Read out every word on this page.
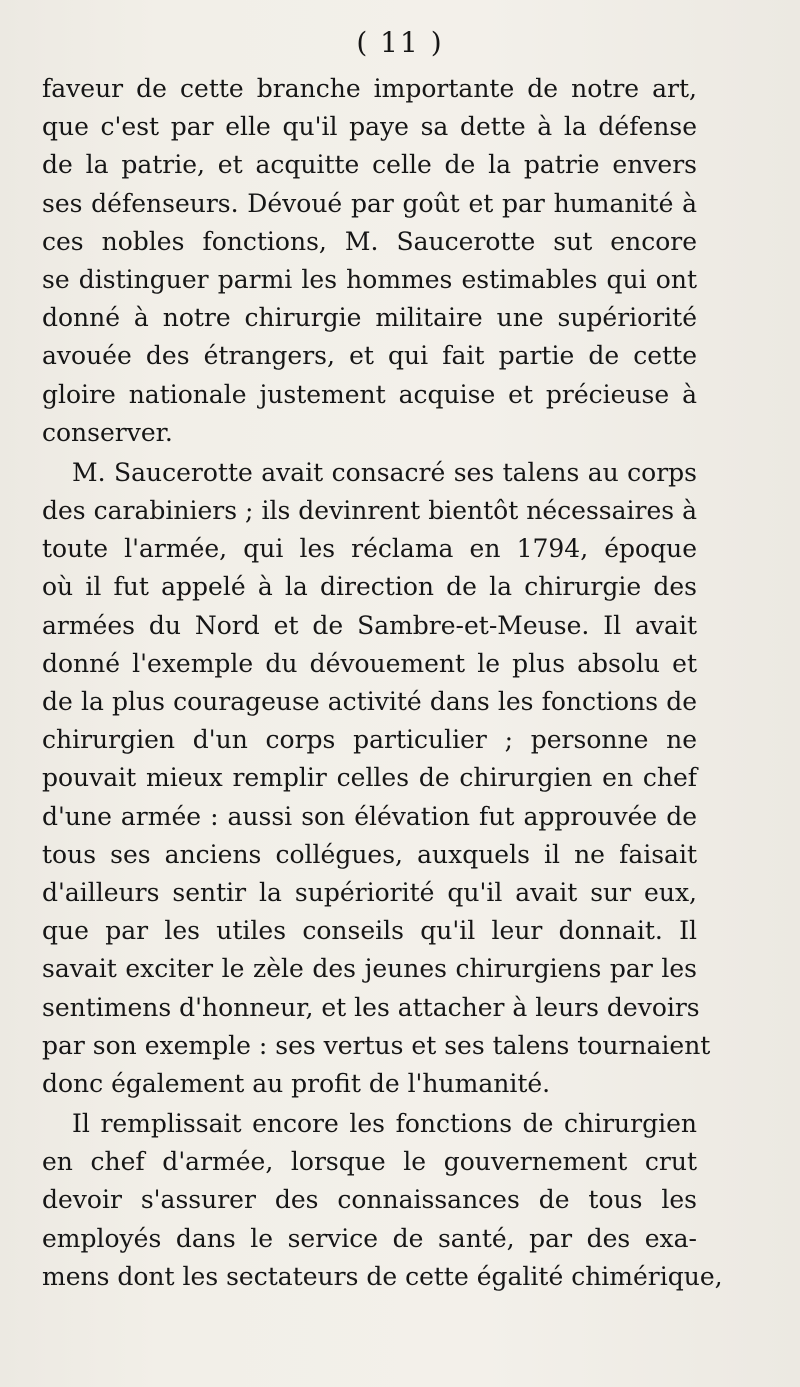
( 11 )
faveur de cette branche importante de notre art,
que c'est par elle qu'il paye sa dette à la défense
de la patrie, et acquitte celle de la patrie envers
ses défenseurs. Dévoué par goût et par humanité à
ces nobles fonctions, M. Saucerotte sut encore
se distinguer parmi les hommes estimables qui ont
donné à notre chirurgie militaire une supériorité
avouée des étrangers, et qui fait partie de cette
gloire nationale justement acquise et précieuse à
conserver.
M. Saucerotte avait consacré ses talens au corps
des carabiniers ; ils devinrent bientôt nécessaires à
toute l'armée, qui les réclama en 1794, époque
où il fut appelé à la direction de la chirurgie des
armées du Nord et de Sambre-et-Meuse. Il avait
donné l'exemple du dévouement le plus absolu et
de la plus courageuse activité dans les fonctions de
chirurgien d'un corps particulier ; personne ne
pouvait mieux remplir celles de chirurgien en chef
d'une armée : aussi son élévation fut approuvée de
tous ses anciens collégues, auxquels il ne faisait
d'ailleurs sentir la supériorité qu'il avait sur eux,
que par les utiles conseils qu'il leur donnait. Il
savait exciter le zèle des jeunes chirurgiens par les
sentimens d'honneur, et les attacher à leurs devoirs
par son exemple : ses vertus et ses talens tournaient
donc également au profit de l'humanité.
Il remplissait encore les fonctions de chirurgien
en chef d'armée, lorsque le gouvernement crut
devoir s'assurer des connaissances de tous les
employés dans le service de santé, par des exa-
mens dont les sectateurs de cette égalité chimérique,
